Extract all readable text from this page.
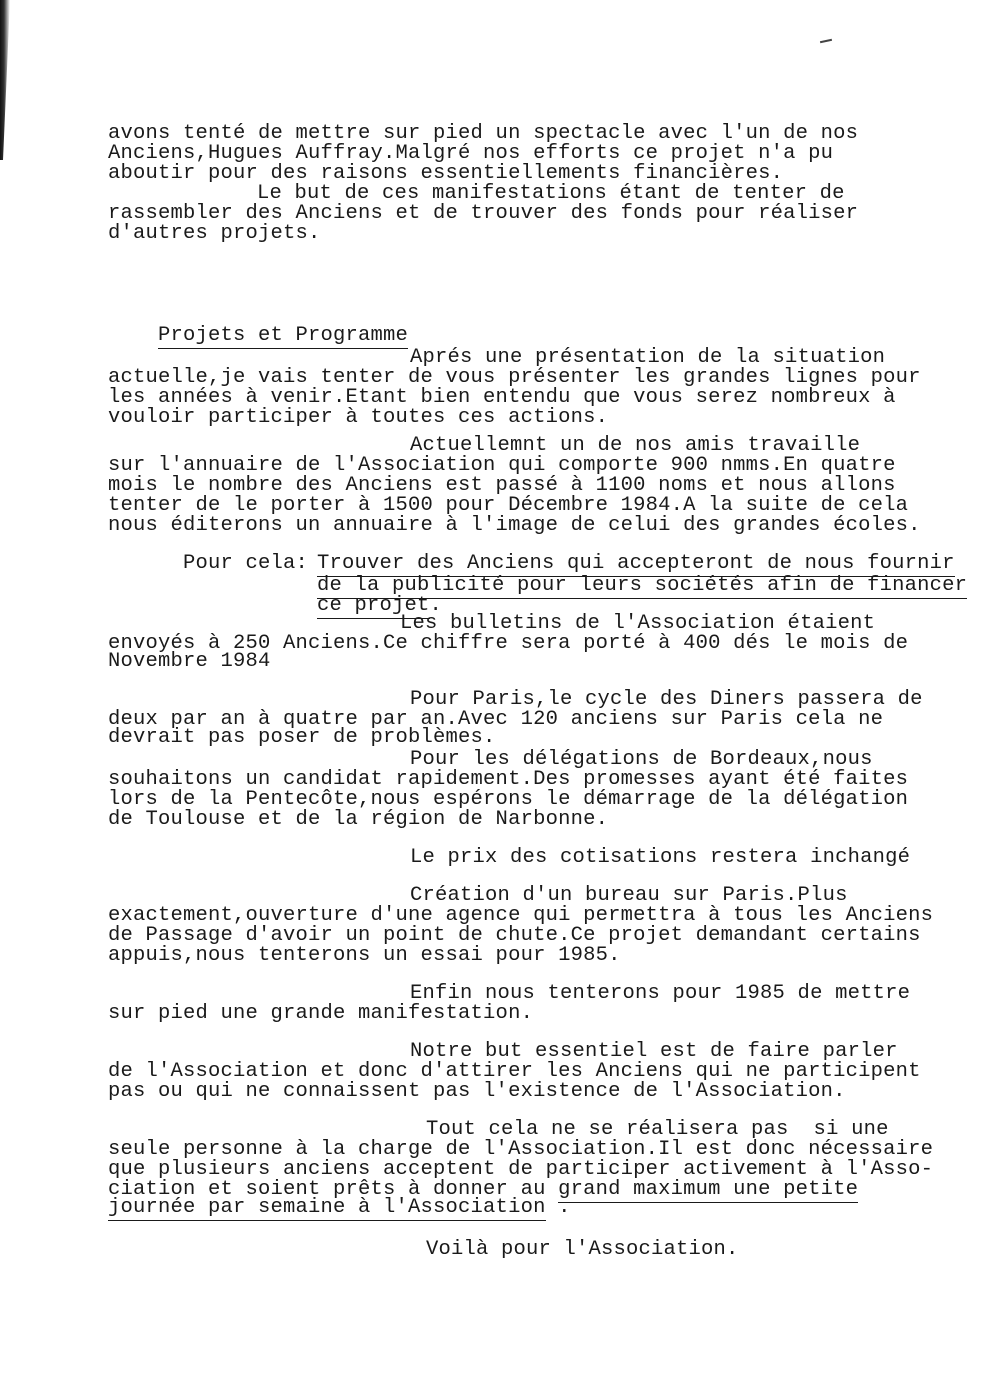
avons tenté de mettre sur pied un spectacle avec l'un de nos
Anciens,Hugues Auffray.Malgré nos efforts ce projet n'a pu
aboutir pour des raisons essentiellements financières.
Le but de ces manifestations étant de tenter de
rassembler des Anciens et de trouver des fonds pour réaliser
d'autres projets.

Projets et Programme

Aprés une présentation de la situation
actuelle,je vais tenter de vous présenter les grandes lignes pour
les années à venir.Etant bien entendu que vous serez nombreux à
vouloir participer à toutes ces actions.
Actuellemnt un de nos amis travaille
sur l'annuaire de l'Association qui comporte 900 nmms.En quatre
mois le nombre des Anciens est passé à 1100 noms et nous allons
tenter de le porter à 1500 pour Décembre 1984.A la suite de cela
nous éditerons un annuaire à l'image de celui des grandes écoles.

Pour cela:
Trouver des Anciens qui accepteront de nous fournir

de la publicité pour leurs sociétés afin de financer

ce projet.

Les bulletins de l'Association étaient
envoyés à 250 Anciens.Ce chiffre sera porté à 400 dés le mois de
Novembre 1984
Pour Paris,le cycle des Diners passera de
deux par an à quatre par an.Avec 120 anciens sur Paris cela ne
devrait pas poser de problèmes.
Pour les délégations de Bordeaux,nous
souhaitons un candidat rapidement.Des promesses ayant été faites
lors de la Pentecôte,nous espérons le démarrage de la délégation
de Toulouse et de la région de Narbonne.
Le prix des cotisations restera inchangé
Création d'un bureau sur Paris.Plus
exactement,ouverture d'une agence qui permettra à tous les Anciens
de Passage d'avoir un point de chute.Ce projet demandant certains
appuis,nous tenterons un essai pour 1985.
Enfin nous tenterons pour 1985 de mettre
sur pied une grande manifestation.
Notre but essentiel est de faire parler
de l'Association et donc d'attirer les Anciens qui ne participent
pas ou qui ne connaissent pas l'existence de l'Association.
Tout cela ne se réalisera pas  si une
seule personne à la charge de l'Association.Il est donc nécessaire
que plusieurs anciens acceptent de participer activement à l'Asso-
ciation et soient prêts à donner au grand maximum une petite
journée par semaine à l'Association .
Voilà pour l'Association.
